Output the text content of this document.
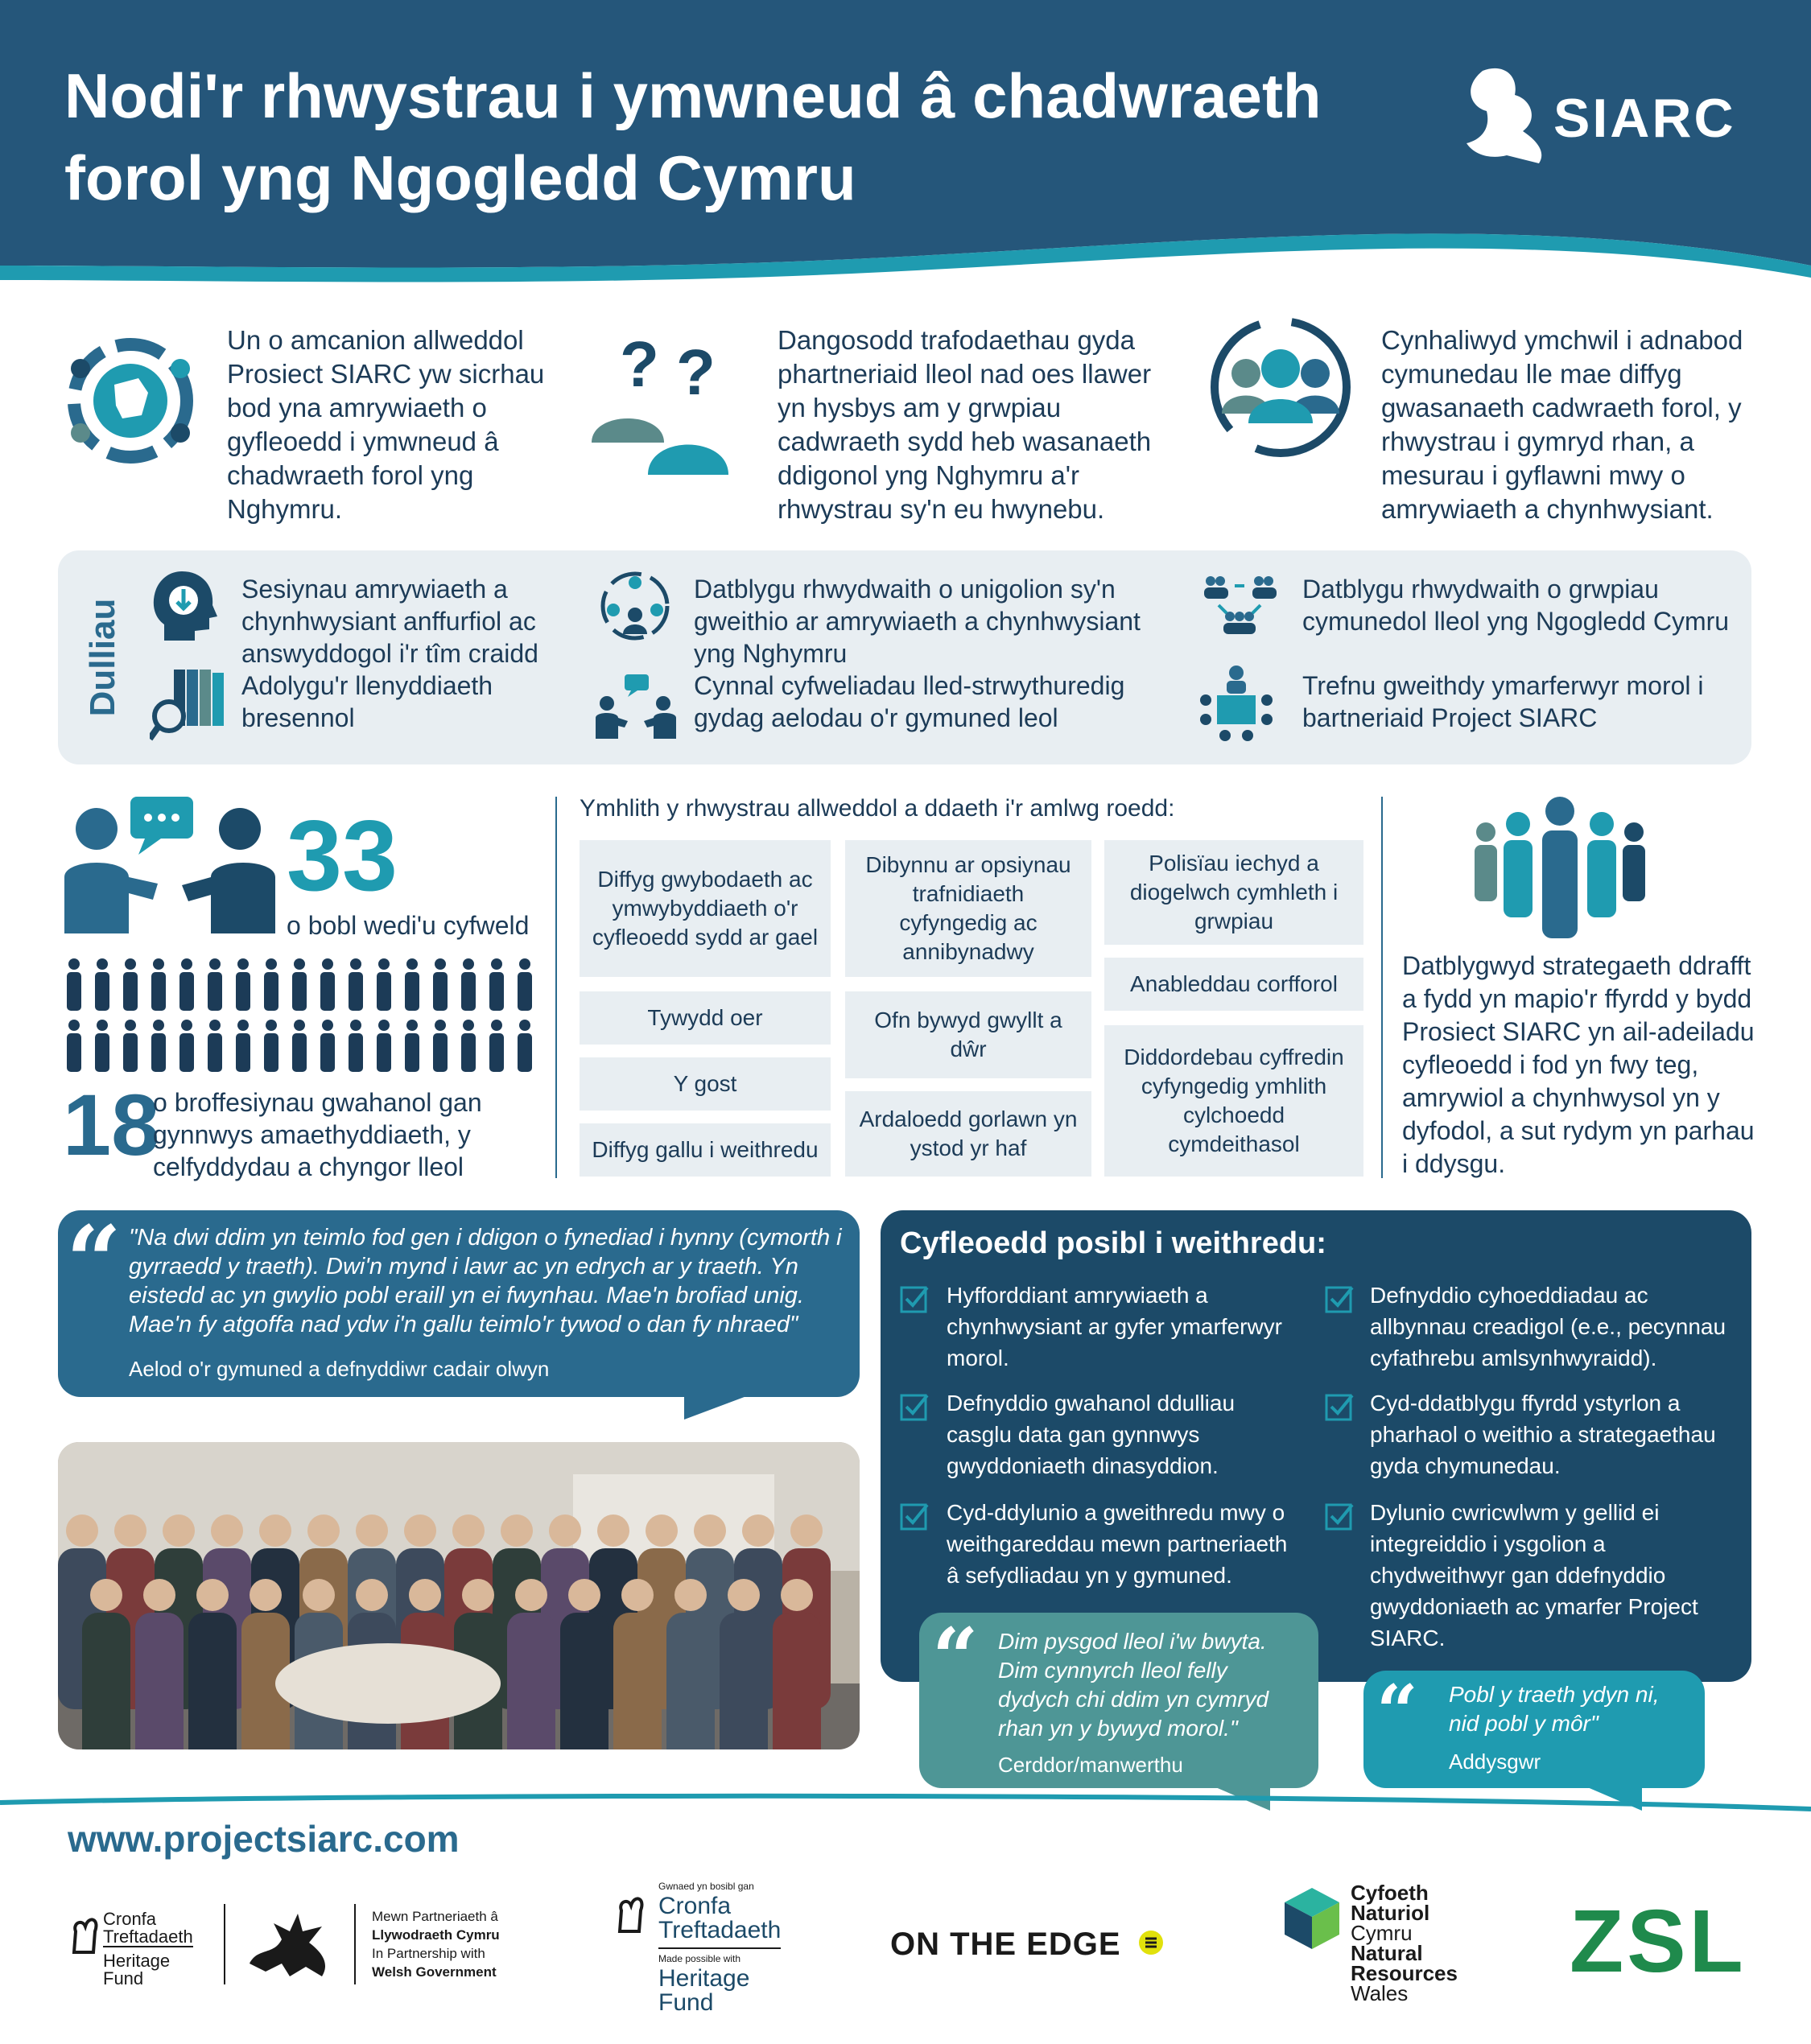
Nodi'r rhwystrau i ymwneud â chadwraeth
forol yng Ngogledd Cymru
SIARC
Un o amcanion allweddol Prosiect SIARC yw sicrhau bod yna amrywiaeth o gyfleoedd i ymwneud â chadwraeth forol yng Nghymru.
? ? Dangosodd trafodaethau gyda phartneriaid lleol nad oes llawer yn hysbys am y grwpiau cadwraeth sydd heb wasanaeth ddigonol yng Nghymru a'r rhwystrau sy'n eu hwynebu.
Cynhaliwyd ymchwil i adnabod cymunedau lle mae diffyg gwasanaeth cadwraeth forol, y rhwystrau i gymryd rhan, a mesurau i gyflawni mwy o amrywiaeth a chynhwysiant.
Dulliau
Sesiynau amrywiaeth a chynhwysiant anffurfiol ac answyddogol i'r tîm craidd
Datblygu rhwydwaith o unigolion sy'n gweithio ar amrywiaeth a chynhwysiant yng Nghymru
Datblygu rhwydwaith o grwpiau cymunedol lleol yng Ngogledd Cymru
Adolygu'r llenyddiaeth bresennol
Cynnal cyfweliadau lled-strwythuredig gydag aelodau o'r gymuned leol
Trefnu gweithdy ymarferwyr morol i bartneriaid Project SIARC
33
o bobl wedi'u cyfweld
18
o broffesiynau gwahanol gan gynnwys amaethyddiaeth, y celfyddydau a chyngor lleol
Ymhlith y rhwystrau allweddol a ddaeth i'r amlwg roedd:
Diffyg gwybodaeth ac ymwybyddiaeth o'r cyfleoedd sydd ar gael
Tywydd oer
Y gost
Diffyg gallu i weithredu
Dibynnu ar opsiynau trafnidiaeth cyfyngedig ac annibynadwy
Ofn bywyd gwyllt a dŵr
Ardaloedd gorlawn yn ystod yr haf
Polisïau iechyd a diogelwch cymhleth i grwpiau
Anableddau corfforol
Diddordebau cyffredin cyfyngedig ymhlith cylchoedd cymdeithasol
Datblygwyd strategaeth ddrafft a fydd yn mapio'r ffyrdd y bydd Prosiect SIARC yn ail-adeiladu cyfleoedd i fod yn fwy teg, amrywiol a chynhwysol yn y dyfodol, a sut rydym yn parhau i ddysgu.
“ "Na dwi ddim yn teimlo fod gen i ddigon o fynediad i hynny (cymorth i gyrraedd y traeth). Dwi'n mynd i lawr ac yn edrych ar y traeth. Yn eistedd ac yn gwylio pobl eraill yn ei fwynhau. Mae'n brofiad unig. Mae'n fy atgoffa nad ydw i'n gallu teimlo'r tywod o dan fy nhraed"
Aelod o'r gymuned a defnyddiwr cadair olwyn
Cyfleoedd posibl i weithredu:
Hyfforddiant amrywiaeth a chynhwysiant ar gyfer ymarferwyr morol.
Defnyddio gwahanol ddulliau casglu data gan gynnwys gwyddoniaeth dinasyddion.
Cyd-ddylunio a gweithredu mwy o weithgareddau mewn partneriaeth â sefydliadau yn y gymuned.
Defnyddio cyhoeddiadau ac allbynnau creadigol (e.e., pecynnau cyfathrebu amlsynhwyraidd).
Cyd-ddatblygu ffyrdd ystyrlon a pharhaol o weithio a strategaethau gyda chymunedau.
Dylunio cwricwlwm y gellid ei integreiddio i ysgolion a chydweithwyr gan ddefnyddio gwyddoniaeth ac ymarfer Project SIARC.
“ Dim pysgod lleol i'w bwyta. Dim cynnyrch lleol felly dydych chi ddim yn cymryd rhan yn y bywyd morol."
Cerddor/manwerthu
“ Pobl y traeth ydyn ni, nid pobl y môr"
Addysgwr
www.projectsiarc.com
Cronfa
Treftadaeth
Heritage
Fund
Mewn Partneriaeth â
Llywodraeth Cymru
In Partnership with
Welsh Government
Gwnaed yn bosibl gan
Cronfa
Treftadaeth
Made possible with
Heritage
Fund
ON THE EDGE
Cyfoeth
Naturiol
Cymru
Natural
Resources
Wales
ZSL
